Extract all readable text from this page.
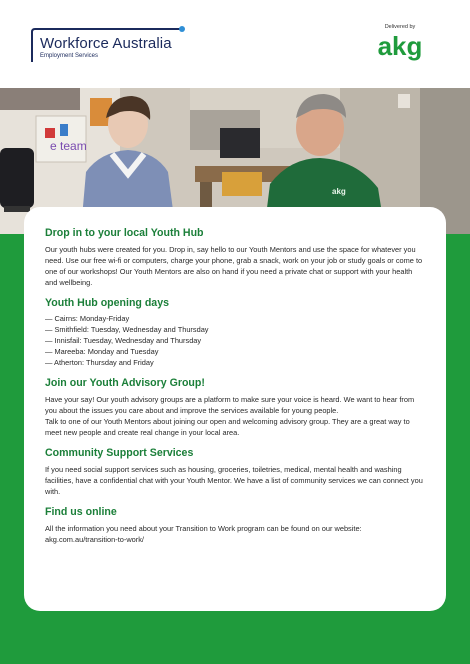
Workforce Australia
Employment Services
Delivered by
akg
e team
akg
Drop in to your local Youth Hub

Our youth hubs were created for you. Drop in, say hello to our Youth Mentors and use the space for whatever you need. Use our free wi-fi or computers, charge your phone, grab a snack, work on your job or study goals or come to one of our workshops! Our Youth Mentors are also on hand if you need a private chat or support with your health and wellbeing.

Youth Hub opening days
— Cairns: Monday-Friday
— Smithfield: Tuesday, Wednesday and Thursday
— Innisfail: Tuesday, Wednesday and Thursday
— Mareeba: Monday and Tuesday
— Atherton: Thursday and Friday
Join our Youth Advisory Group!

Have your say! Our youth advisory groups are a platform to make sure your voice is heard. We want to hear from you about the issues you care about and improve the services available for young people.

Talk to one of our Youth Mentors about joining our open and welcoming advisory group. They are a great way to meet new people and create real change in your local area.

Community Support Services

If you need social support services such as housing, groceries, toiletries, medical, mental health and washing facilities, have a confidential chat with your Youth Mentor. We have a list of community services we can connect you with.

Find us online

All the information you need about your Transition to Work program can be found on our website:

akg.com.au/transition-to-work/
